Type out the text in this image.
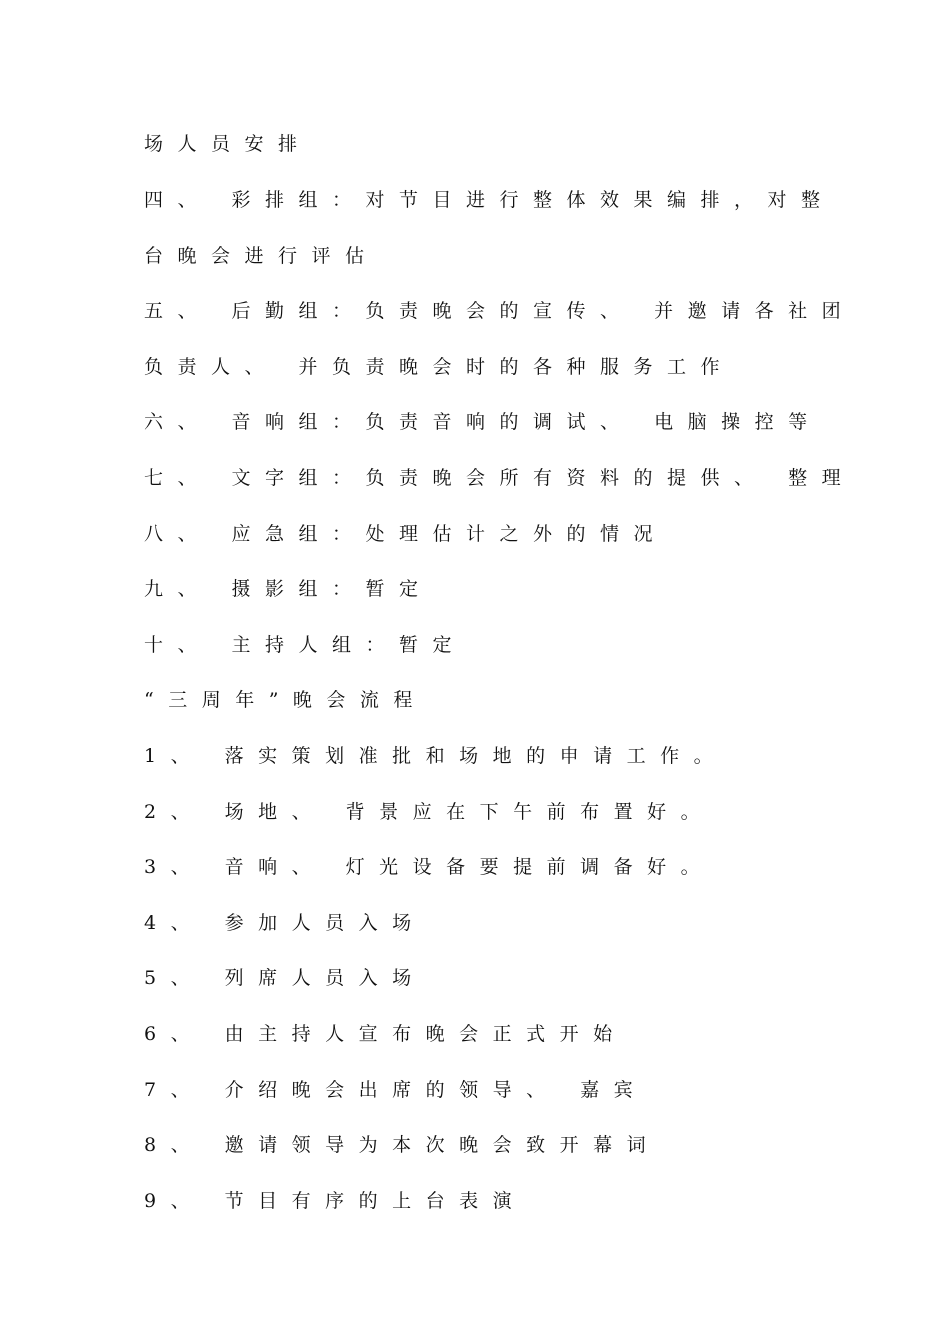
场人员安排
四、 彩排组：对节目进行整体效果编排，对整
台晚会进行评估
五、 后勤组：负责晚会的宣传、 并邀请各社团
负责人、 并负责晚会时的各种服务工作
六、 音响组：负责音响的调试、 电脑操控等
七、 文字组：负责晚会所有资料的提供、 整理
八、 应急组：处理估计之外的情况
九、 摄影组：暂定
十、 主持人组：暂定
“三周年”晚会流程
1、 落实策划准批和场地的申请工作。
2、 场地、 背景应在下午前布置好。
3、 音响、 灯光设备要提前调备好。
4、 参加人员入场
5、 列席人员入场
6、 由主持人宣布晚会正式开始
7、 介绍晚会出席的领导、 嘉宾
8、 邀请领导为本次晚会致开幕词
9、 节目有序的上台表演
